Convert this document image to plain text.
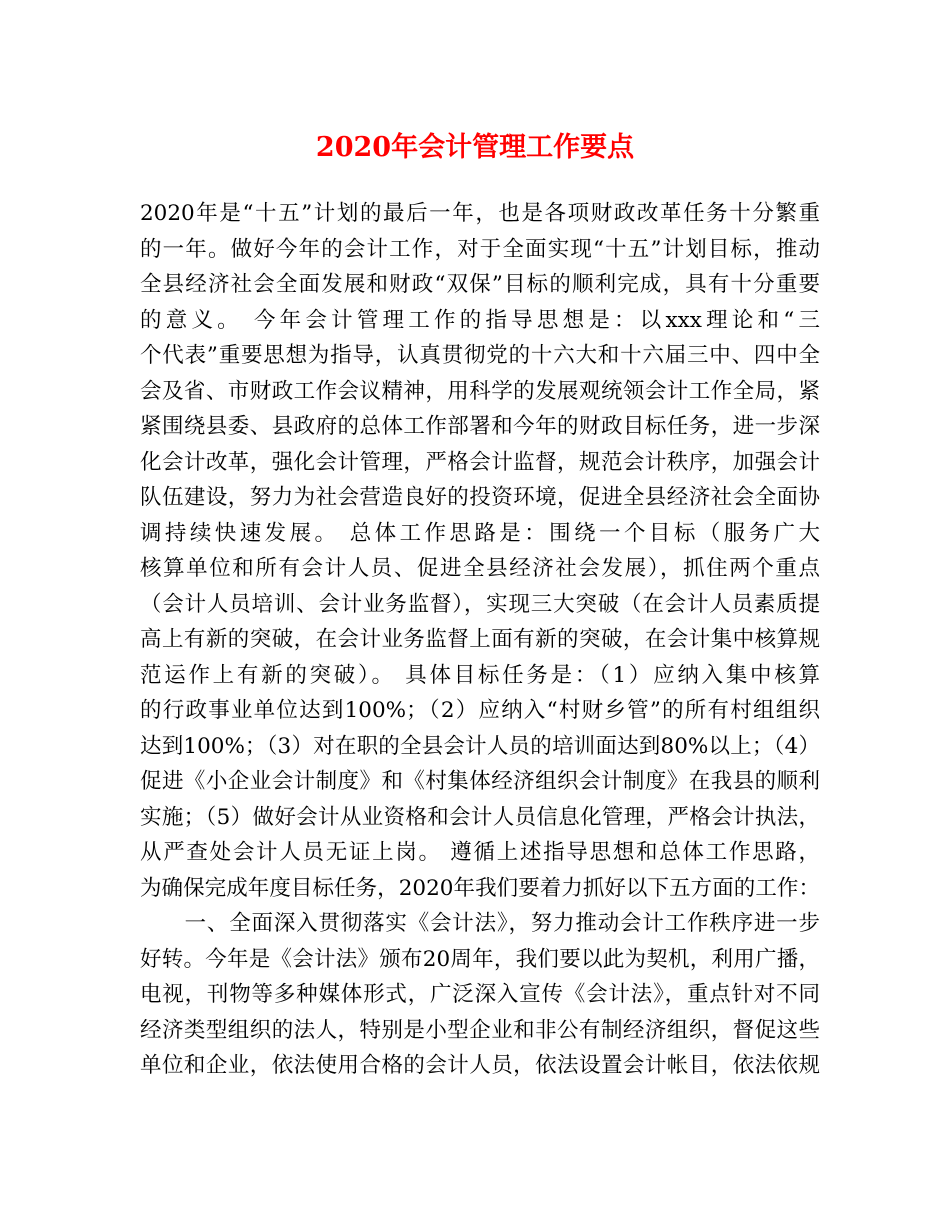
2020年会计管理工作要点
2020年是“十五”计划的最后一年，也是各项财政改革任务十分繁重
的一年。做好今年的会计工作，对于全面实现“十五”计划目标，推动
全县经济社会全面发展和财政“双保”目标的顺利完成，具有十分重要
的意义。 今年会计管理工作的指导思想是：以xxx理论和“三
个代表”重要思想为指导，认真贯彻党的十六大和十六届三中、四中全
会及省、市财政工作会议精神，用科学的发展观统领会计工作全局，紧
紧围绕县委、县政府的总体工作部署和今年的财政目标任务，进一步深
化会计改革，强化会计管理，严格会计监督，规范会计秩序，加强会计
队伍建设，努力为社会营造良好的投资环境，促进全县经济社会全面协
调持续快速发展。 总体工作思路是：围绕一个目标（服务广大
核算单位和所有会计人员、促进全县经济社会发展），抓住两个重点
（会计人员培训、会计业务监督），实现三大突破（在会计人员素质提
高上有新的突破，在会计业务监督上面有新的突破，在会计集中核算规
范运作上有新的突破）。 具体目标任务是：（1）应纳入集中核算
的行政事业单位达到100%；（2）应纳入“村财乡管”的所有村组组织
达到100%；（3）对在职的全县会计人员的培训面达到80%以上；（4）
促进《小企业会计制度》和《村集体经济组织会计制度》在我县的顺利
实施；（5）做好会计从业资格和会计人员信息化管理，严格会计执法，
从严查处会计人员无证上岗。 遵循上述指导思想和总体工作思路，
为确保完成年度目标任务，2020年我们要着力抓好以下五方面的工作：
　　一、全面深入贯彻落实《会计法》，努力推动会计工作秩序进一步
好转。今年是《会计法》颁布20周年，我们要以此为契机，利用广播，
电视，刊物等多种媒体形式，广泛深入宣传《会计法》，重点针对不同
经济类型组织的法人，特别是小型企业和非公有制经济组织，督促这些
单位和企业，依法使用合格的会计人员，依法设置会计帐目，依法依规
